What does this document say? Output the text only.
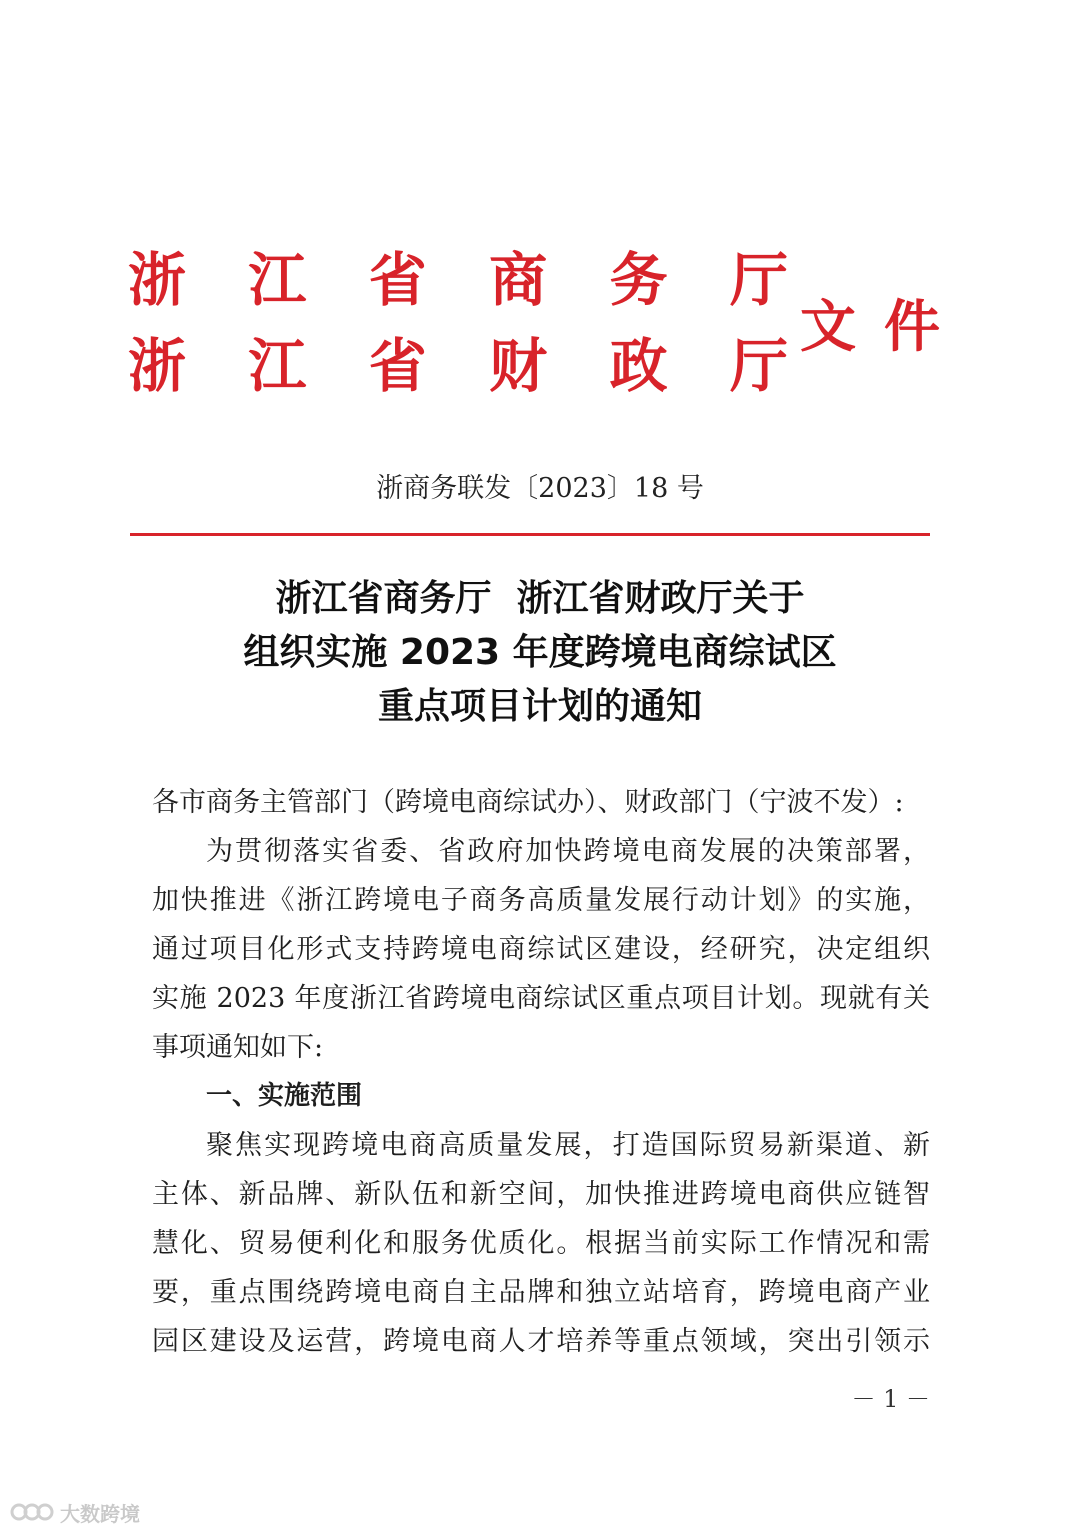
浙 江 省 商 务 厅
浙 江 省 财 政 厅
文 件
浙商务联发〔2023〕18 号
浙江省商务厅  浙江省财政厅关于
组织实施 2023 年度跨境电商综试区
重点项目计划的通知

各市商务主管部门（跨境电商综试办）、财政部门（宁波不发）:

为贯彻落实省委、省政府加快跨境电商发展的决策部署，
加快推进《浙江跨境电子商务高质量发展行动计划》的实施，
通过项目化形式支持跨境电商综试区建设，经研究，决定组织
实施 2023 年度浙江省跨境电商综试区重点项目计划。现就有关
事项通知如下:

一、实施范围

聚焦实现跨境电商高质量发展，打造国际贸易新渠道、新
主体、新品牌、新队伍和新空间，加快推进跨境电商供应链智
慧化、贸易便利化和服务优质化。根据当前实际工作情况和需
要，重点围绕跨境电商自主品牌和独立站培育，跨境电商产业
园区建设及运营，跨境电商人才培养等重点领域，突出引领示

－ 1 －
大数跨境
